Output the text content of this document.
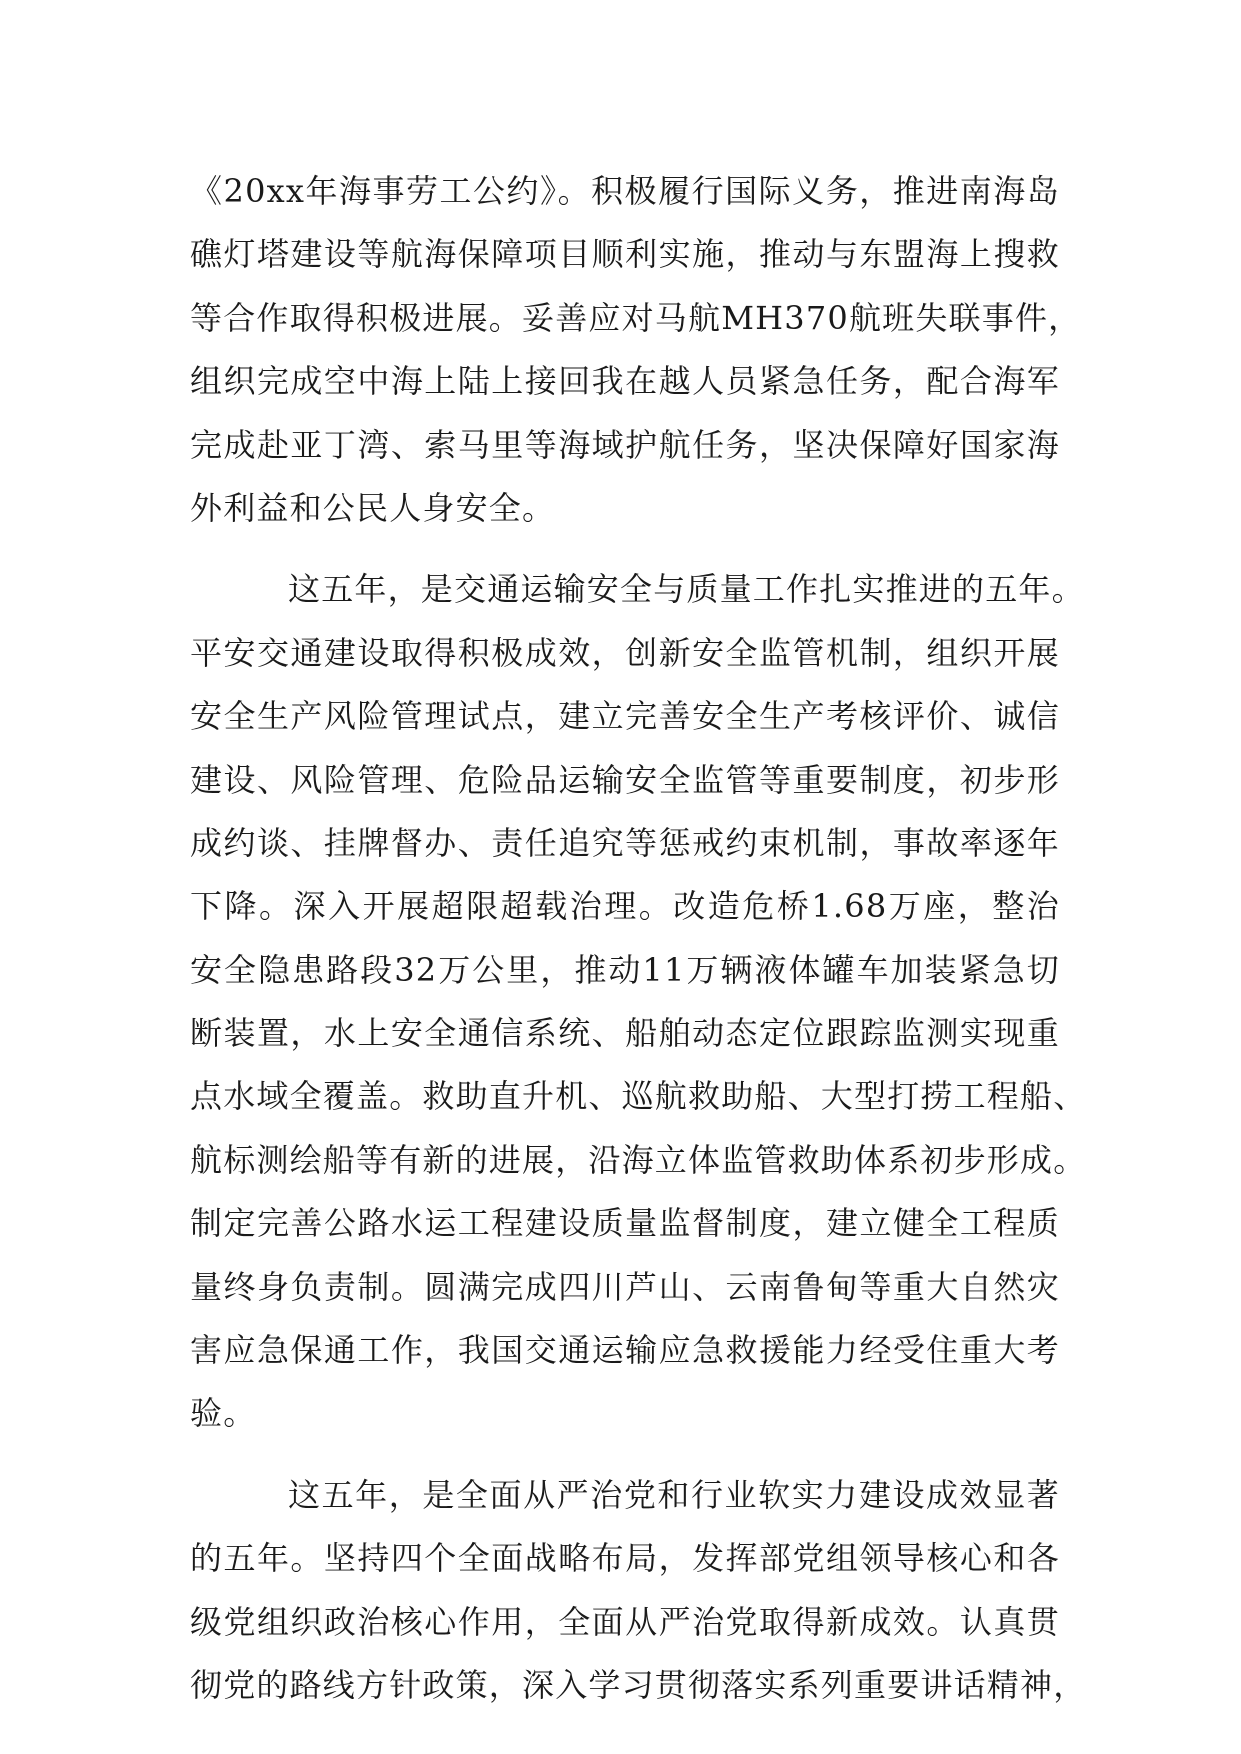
《20xx年海事劳工公约》。积极履行国际义务，推进南海岛
礁灯塔建设等航海保障项目顺利实施，推动与东盟海上搜救
等合作取得积极进展。妥善应对马航MH370航班失联事件，
组织完成空中海上陆上接回我在越人员紧急任务，配合海军
完成赴亚丁湾、索马里等海域护航任务，坚决保障好国家海
外利益和公民人身安全。
这五年，是交通运输安全与质量工作扎实推进的五年。
平安交通建设取得积极成效，创新安全监管机制，组织开展
安全生产风险管理试点，建立完善安全生产考核评价、诚信
建设、风险管理、危险品运输安全监管等重要制度，初步形
成约谈、挂牌督办、责任追究等惩戒约束机制，事故率逐年
下降。深入开展超限超载治理。改造危桥1.68万座，整治
安全隐患路段32万公里，推动11万辆液体罐车加装紧急切
断装置，水上安全通信系统、船舶动态定位跟踪监测实现重
点水域全覆盖。救助直升机、巡航救助船、大型打捞工程船、
航标测绘船等有新的进展，沿海立体监管救助体系初步形成。
制定完善公路水运工程建设质量监督制度，建立健全工程质
量终身负责制。圆满完成四川芦山、云南鲁甸等重大自然灾
害应急保通工作，我国交通运输应急救援能力经受住重大考
验。
这五年，是全面从严治党和行业软实力建设成效显著
的五年。坚持四个全面战略布局，发挥部党组领导核心和各
级党组织政治核心作用，全面从严治党取得新成效。认真贯
彻党的路线方针政策，深入学习贯彻落实系列重要讲话精神，
